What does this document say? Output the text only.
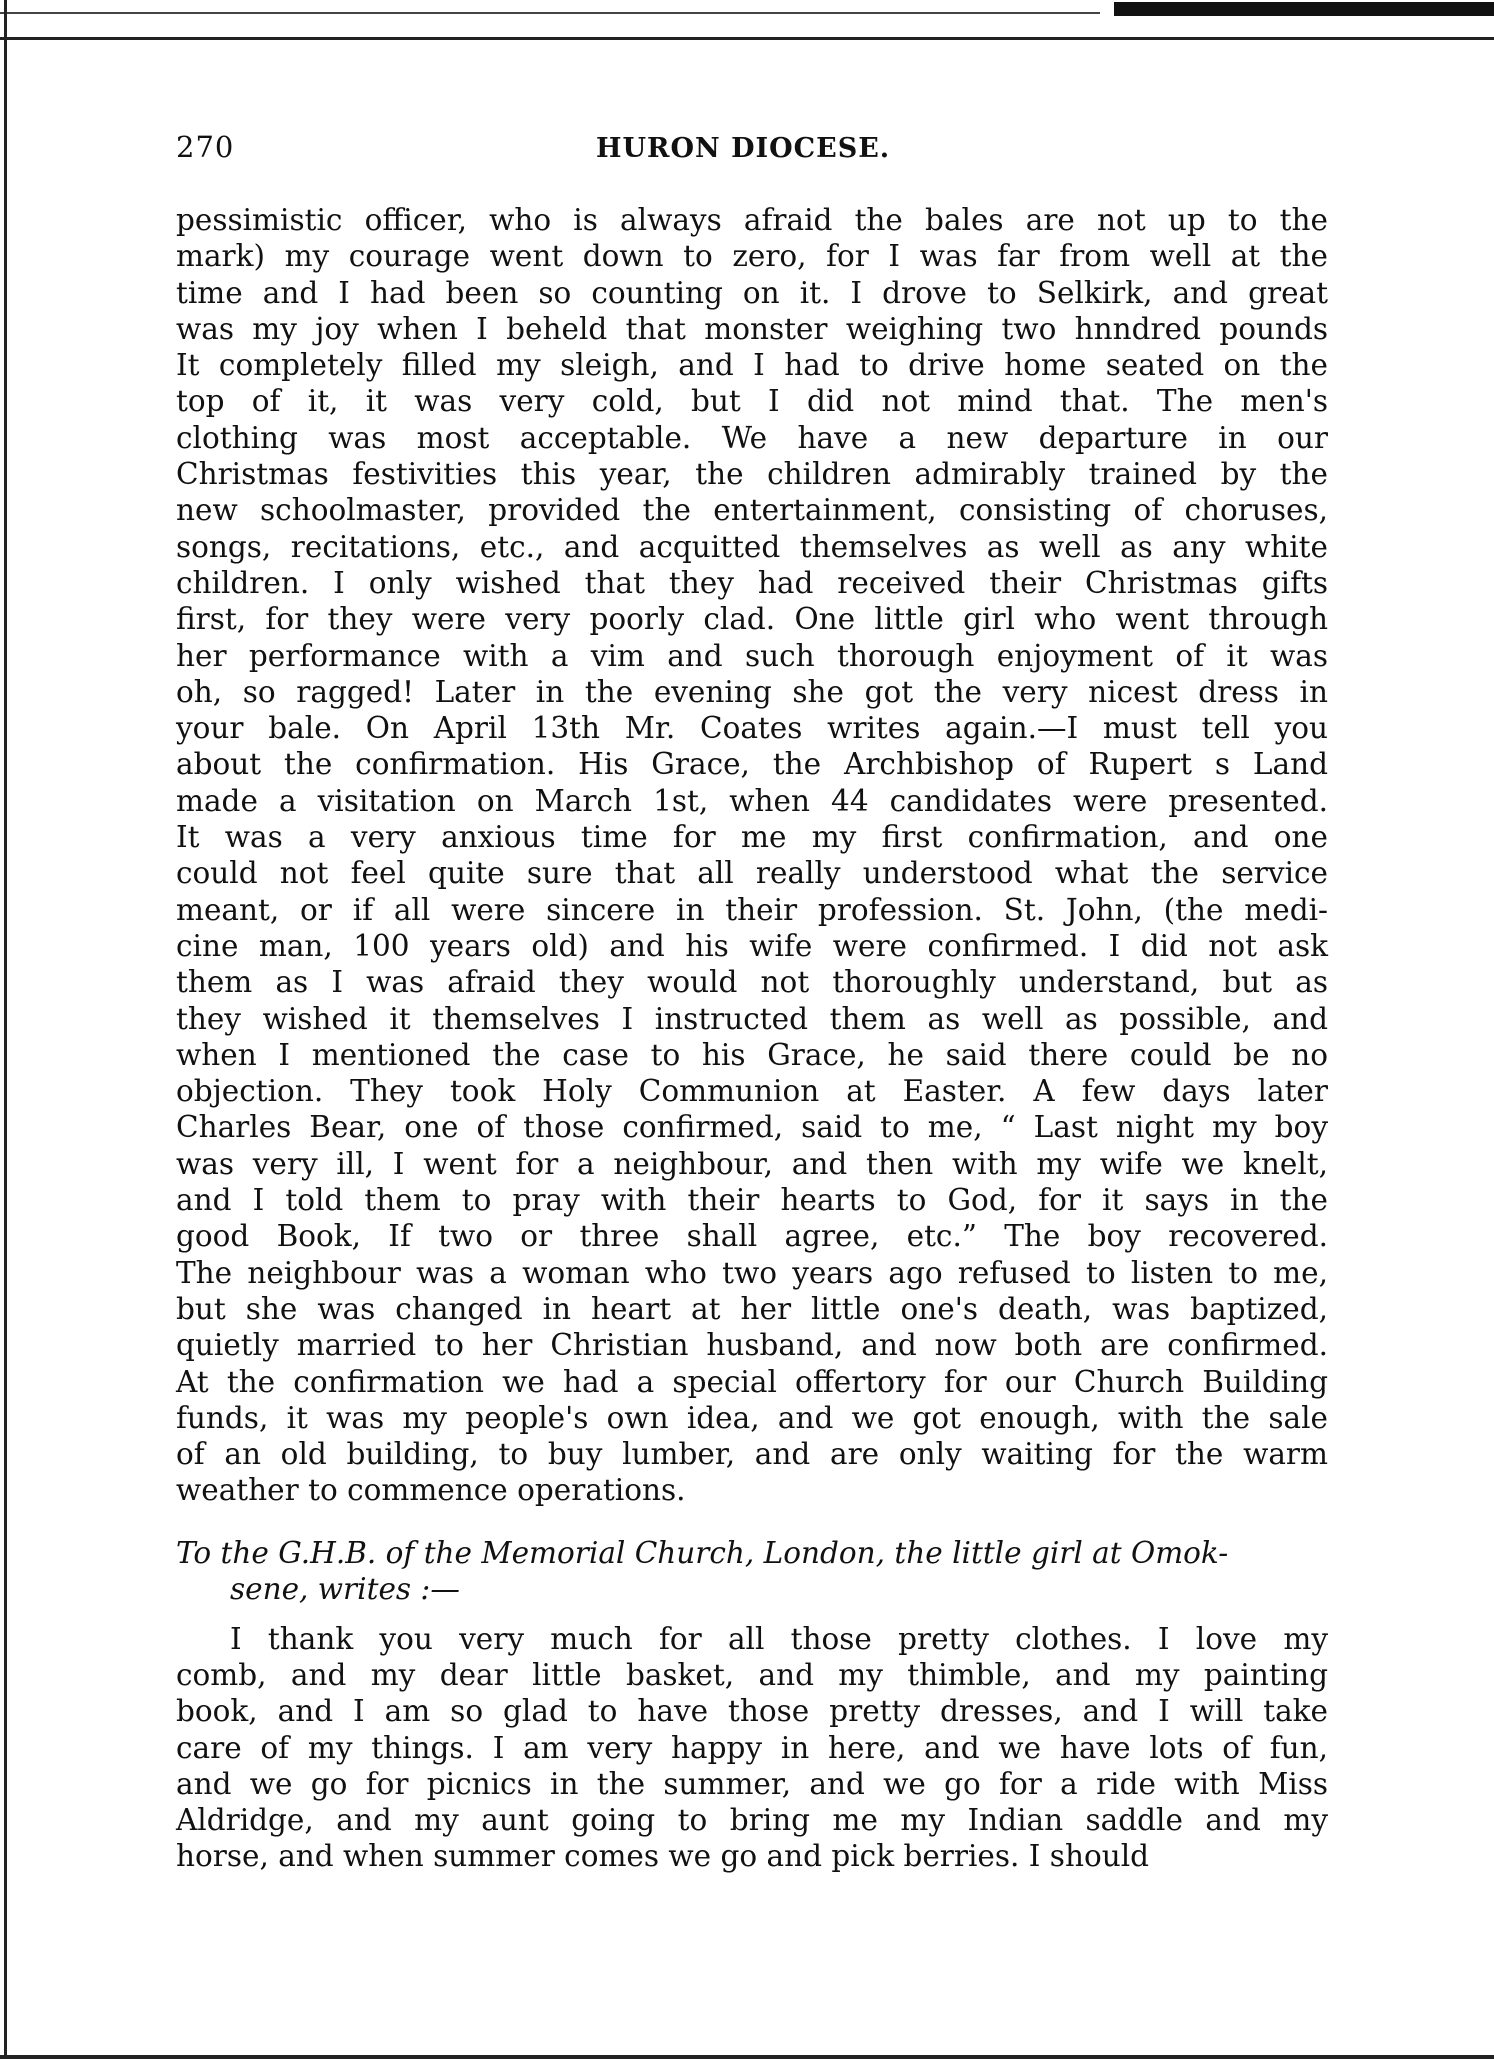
270	HURON DIOCESE.
pessimistic officer, who is always afraid the bales are not up to the
mark) my courage went down to zero, for I was far from well at the
time and I had been so counting on it. I drove to Selkirk, and great
was my joy when I beheld that monster weighing two hnndred pounds
It completely filled my sleigh, and I had to drive home seated on the
top of it, it was very cold, but I did not mind that. The men's
clothing was most acceptable. We have a new departure in our
Christmas festivities this year, the children admirably trained by the
new schoolmaster, provided the entertainment, consisting of choruses,
songs, recitations, etc., and acquitted themselves as well as any white
children. I only wished that they had received their Christmas gifts
first, for they were very poorly clad. One little girl who went through
her performance with a vim and such thorough enjoyment of it was
oh, so ragged! Later in the evening she got the very nicest dress in
your bale. On April 13th Mr. Coates writes again.—I must tell you
about the confirmation. His Grace, the Archbishop of Rupert s Land
made a visitation on March 1st, when 44 candidates were presented.
It was a very anxious time for me my first confirmation, and one
could not feel quite sure that all really understood what the service
meant, or if all were sincere in their profession. St. John, (the medi-
cine man, 100 years old) and his wife were confirmed. I did not ask
them as I was afraid they would not thoroughly understand, but as
they wished it themselves I instructed them as well as possible, and
when I mentioned the case to his Grace, he said there could be no
objection. They took Holy Communion at Easter. A few days later
Charles Bear, one of those confirmed, said to me, “ Last night my boy
was very ill, I went for a neighbour, and then with my wife we knelt,
and I told them to pray with their hearts to God, for it says in the
good Book, If two or three shall agree, etc.” The boy recovered.
The neighbour was a woman who two years ago refused to listen to me,
but she was changed in heart at her little one's death, was baptized,
quietly married to her Christian husband, and now both are confirmed.
At the confirmation we had a special offertory for our Church Building
funds, it was my people's own idea, and we got enough, with the sale
of an old building, to buy lumber, and are only waiting for the warm
weather to commence operations.
To the G.H.B. of the Memorial Church, London, the little girl at Omok-
sene, writes :—
I thank you very much for all those pretty clothes. I love my
comb, and my dear little basket, and my thimble, and my painting
book, and I am so glad to have those pretty dresses, and I will take
care of my things. I am very happy in here, and we have lots of fun,
and we go for picnics in the summer, and we go for a ride with Miss
Aldridge, and my aunt going to bring me my Indian saddle and my
horse, and when summer comes we go and pick berries. I should
